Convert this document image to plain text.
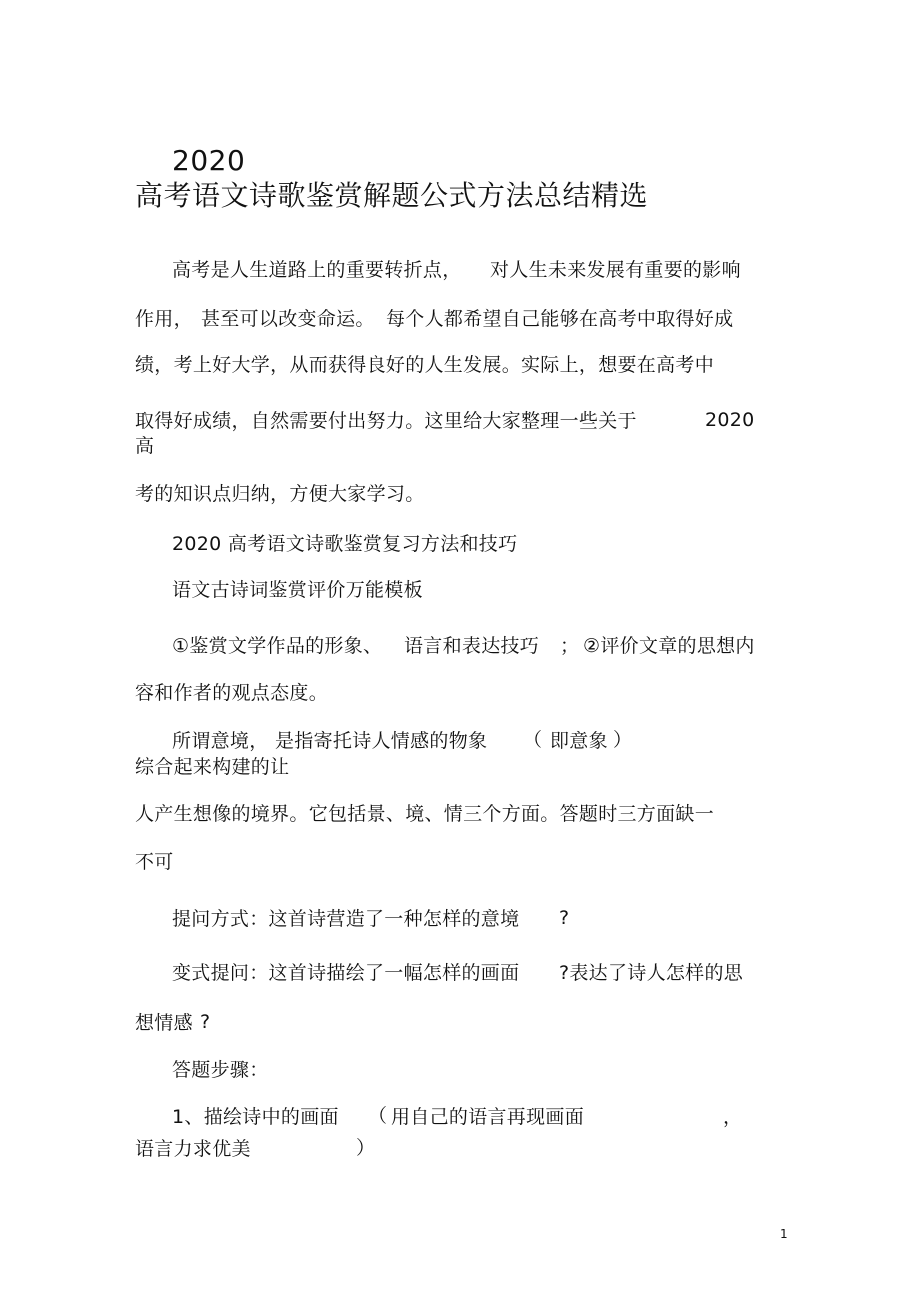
2020
高考语文诗歌鉴赏解题公式方法总结精选
高考是人生道路上的重要转折点， 对人生未来发展有重要的影响
作用， 甚至可以改变命运。 每个人都希望自己能够在高考中取得好成
绩，考上好大学，从而获得良好的人生发展。实际上，想要在高考中
取得好成绩，自然需要付出努力。这里给大家整理一些关于	2020
高
考的知识点归纳，方便大家学习。
2020 高考语文诗歌鉴赏复习方法和技巧
语文古诗词鉴赏评价万能模板
①鉴赏文学作品的形象、 语言和表达技巧 ； ②评价文章的思想内
容和作者的观点态度。
所谓意境， 是指寄托诗人情感的物象 （ 即意象 ）
综合起来构建的让
人产生想像的境界。它包括景、境、情三个方面。答题时三方面缺一
不可
提问方式：这首诗营造了一种怎样的意境 ?
变式提问：这首诗描绘了一幅怎样的画面 ?表达了诗人怎样的思
想情感 ?
答题步骤：
1、描绘诗中的画面 （ 用自己的语言再现画面	，
语言力求优美	）
1
